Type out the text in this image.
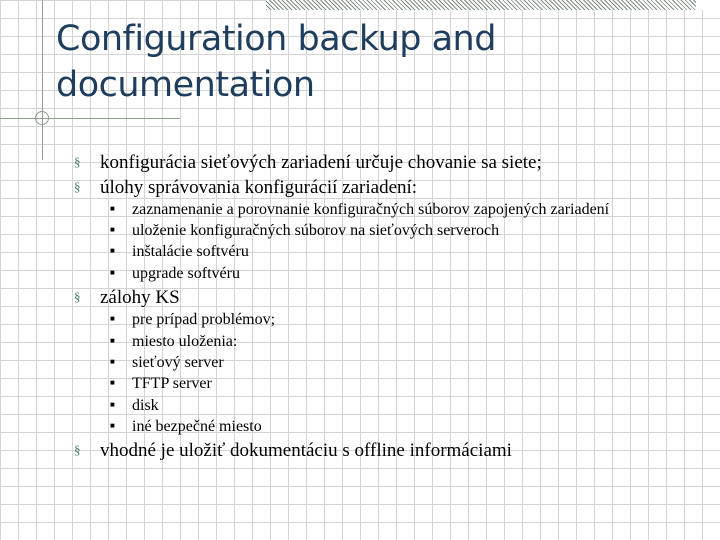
Configuration backup and
documentation
§ konfigurácia sieťových zariadení určuje chovanie sa siete;
§ úlohy správovania konfigurácií zariadení:
■ zaznamenanie a porovnanie konfiguračných súborov zapojených zariadení
■ uloženie konfiguračných súborov na sieťových serveroch
■ inštalácie softvéru
■ upgrade softvéru
§ zálohy KS
■ pre prípad problémov;
■ miesto uloženia:
■ sieťový server
■ TFTP server
■ disk
■ iné bezpečné miesto
§ vhodné je uložiť dokumentáciu s offline informáciami
